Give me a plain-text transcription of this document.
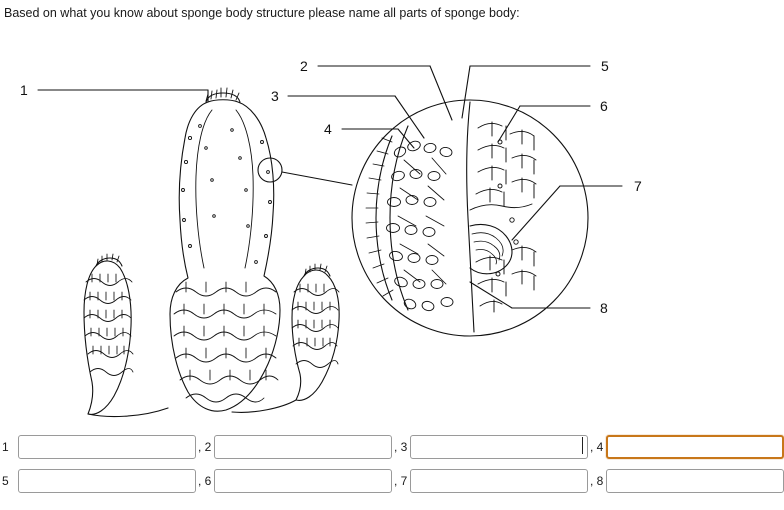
Based on what you know about sponge body structure please name all parts of sponge body:
1
2
3
4
5
6
7
8
1	, 2	, 3	, 4
5	, 6	, 7	, 8
